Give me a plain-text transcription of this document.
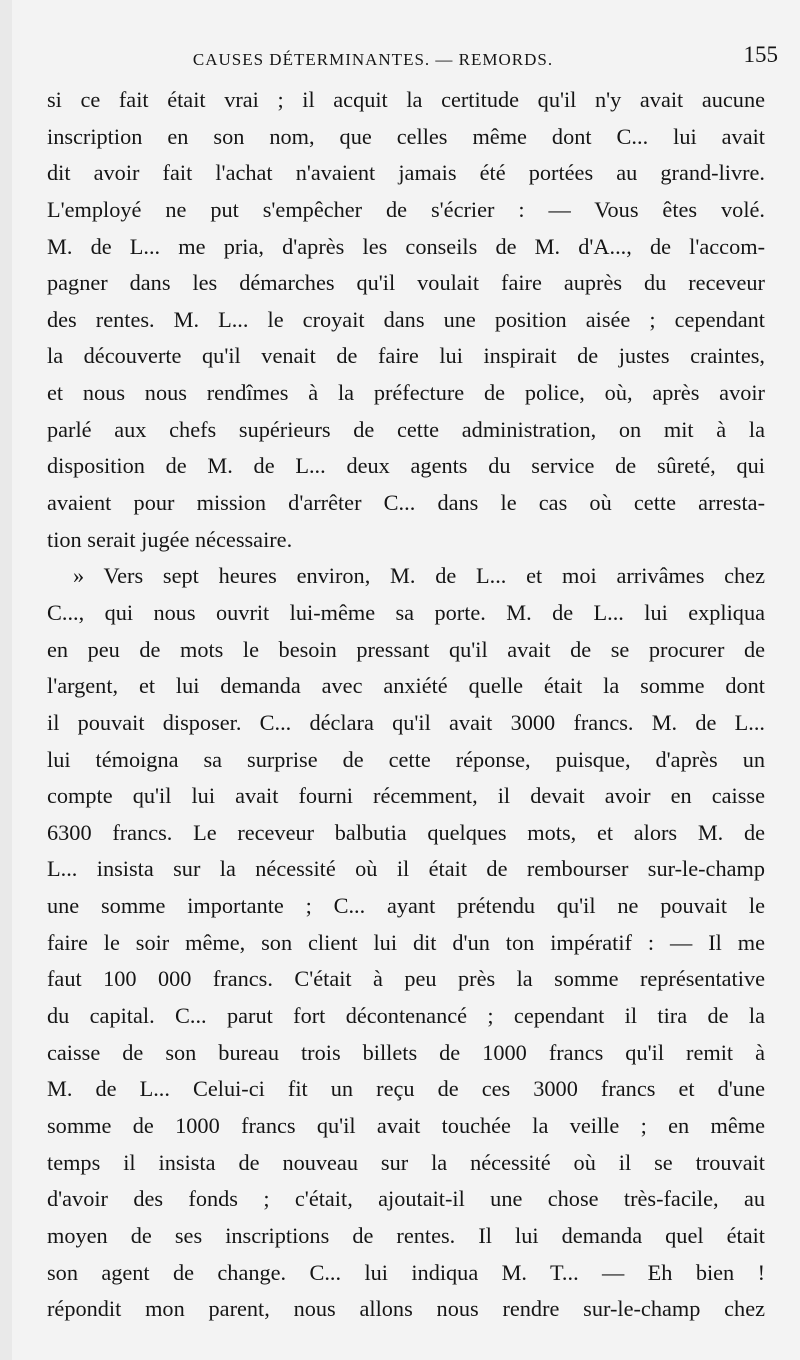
CAUSES DÉTERMINANTES. — REMORDS.	155
si ce fait était vrai ; il acquit la certitude qu'il n'y avait aucune
inscription en son nom, que celles même dont C... lui avait
dit avoir fait l'achat n'avaient jamais été portées au grand-livre.
L'employé ne put s'empêcher de s'écrier : — Vous êtes volé.
M. de L... me pria, d'après les conseils de M. d'A..., de l'accom-
pagner dans les démarches qu'il voulait faire auprès du receveur
des rentes. M. L... le croyait dans une position aisée ; cependant
la découverte qu'il venait de faire lui inspirait de justes craintes,
et nous nous rendîmes à la préfecture de police, où, après avoir
parlé aux chefs supérieurs de cette administration, on mit à la
disposition de M. de L... deux agents du service de sûreté, qui
avaient pour mission d'arrêter C... dans le cas où cette arresta-
tion serait jugée nécessaire.
» Vers sept heures environ, M. de L... et moi arrivâmes chez
C..., qui nous ouvrit lui-même sa porte. M. de L... lui expliqua
en peu de mots le besoin pressant qu'il avait de se procurer de
l'argent, et lui demanda avec anxiété quelle était la somme dont
il pouvait disposer. C... déclara qu'il avait 3000 francs. M. de L...
lui témoigna sa surprise de cette réponse, puisque, d'après un
compte qu'il lui avait fourni récemment, il devait avoir en caisse
6300 francs. Le receveur balbutia quelques mots, et alors M. de
L... insista sur la nécessité où il était de rembourser sur-le-champ
une somme importante ; C... ayant prétendu qu'il ne pouvait le
faire le soir même, son client lui dit d'un ton impératif : — Il me
faut 100 000 francs. C'était à peu près la somme représentative
du capital. C... parut fort décontenancé ; cependant il tira de la
caisse de son bureau trois billets de 1000 francs qu'il remit à
M. de L... Celui-ci fit un reçu de ces 3000 francs et d'une
somme de 1000 francs qu'il avait touchée la veille ; en même
temps il insista de nouveau sur la nécessité où il se trouvait
d'avoir des fonds ; c'était, ajoutait-il une chose très-facile, au
moyen de ses inscriptions de rentes. Il lui demanda quel était
son agent de change. C... lui indiqua M. T... — Eh bien !
répondit mon parent, nous allons nous rendre sur-le-champ chez
